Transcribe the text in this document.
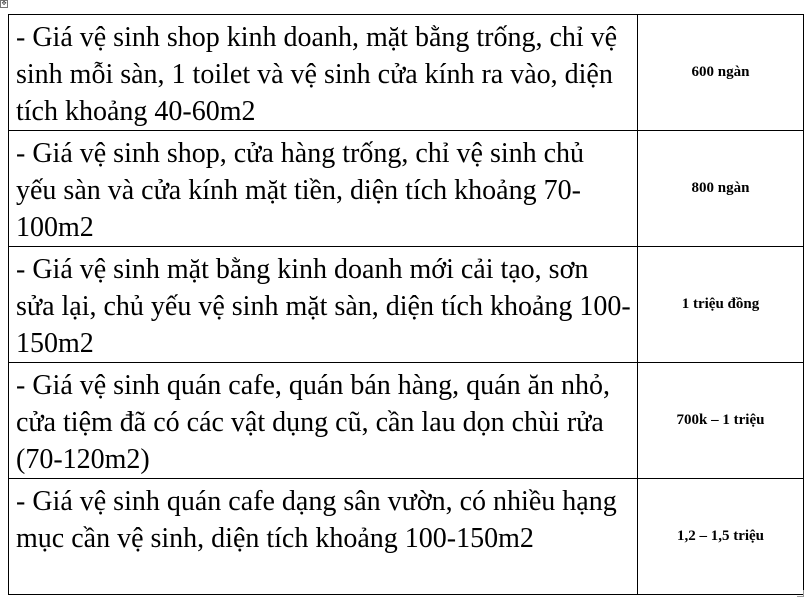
✥
- Giá vệ sinh shop kinh doanh, mặt bằng trống, chỉ vệ sinh mỗi sàn, 1 toilet và vệ sinh cửa kính ra vào, diện tích khoảng 40-60m2	600 ngàn
- Giá vệ sinh shop, cửa hàng trống, chỉ vệ sinh chủ yếu sàn và cửa kính mặt tiền, diện tích khoảng 70-100m2	800 ngàn
- Giá vệ sinh mặt bằng kinh doanh mới cải tạo, sơn sửa lại, chủ yếu vệ sinh mặt sàn, diện tích khoảng 100-150m2	1 triệu đồng
- Giá vệ sinh quán cafe, quán bán hàng, quán ăn nhỏ, cửa tiệm đã có các vật dụng cũ, cần lau dọn chùi rửa (70-120m2)	700k – 1 triệu
- Giá vệ sinh quán cafe dạng sân vườn, có nhiều hạng mục cần vệ sinh, diện tích khoảng 100-150m2	1,2 – 1,5 triệu
